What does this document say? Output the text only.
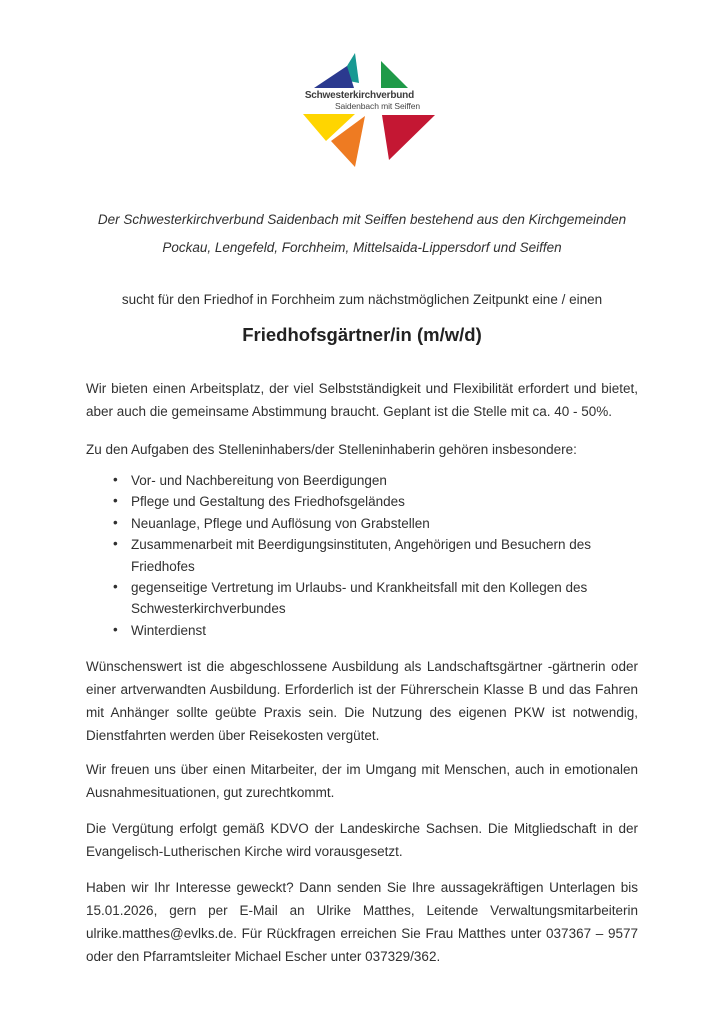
Schwesterkirchverbund
Saidenbach mit Seiffen

Der Schwesterkirchverbund Saidenbach mit Seiffen bestehend aus den Kirchgemeinden Pockau, Lengefeld, Forchheim, Mittelsaida-Lippersdorf und Seiffen

sucht für den Friedhof in Forchheim zum nächstmöglichen Zeitpunkt eine / einen

Friedhofsgärtner/in (m/w/d)

Wir bieten einen Arbeitsplatz, der viel Selbstständigkeit und Flexibilität erfordert und bietet, aber auch die gemeinsame Abstimmung braucht. Geplant ist die Stelle mit ca. 40 - 50%.

Zu den Aufgaben des Stelleninhabers/der Stelleninhaberin gehören insbesondere:

• Vor- und Nachbereitung von Beerdigungen
• Pflege und Gestaltung des Friedhofsgeländes
• Neuanlage, Pflege und Auflösung von Grabstellen
• Zusammenarbeit mit Beerdigungsinstituten, Angehörigen und Besuchern des Friedhofes
• gegenseitige Vertretung im Urlaubs- und Krankheitsfall mit den Kollegen des Schwesterkirchverbundes
• Winterdienst

Wünschenswert ist die abgeschlossene Ausbildung als Landschaftsgärtner -gärtnerin oder einer artverwandten Ausbildung. Erforderlich ist der Führerschein Klasse B und das Fahren mit Anhänger sollte geübte Praxis sein. Die Nutzung des eigenen PKW ist notwendig, Dienstfahrten werden über Reisekosten vergütet.

Wir freuen uns über einen Mitarbeiter, der im Umgang mit Menschen, auch in emotionalen Ausnahmesituationen, gut zurechtkommt.

Die Vergütung erfolgt gemäß KDVO der Landeskirche Sachsen. Die Mitgliedschaft in der Evangelisch-Lutherischen Kirche wird vorausgesetzt.

Haben wir Ihr Interesse geweckt? Dann senden Sie Ihre aussagekräftigen Unterlagen bis 15.01.2026, gern per E-Mail an Ulrike Matthes, Leitende Verwaltungsmitarbeiterin ulrike.matthes@evlks.de. Für Rückfragen erreichen Sie Frau Matthes unter 037367 – 9577 oder den Pfarramtsleiter Michael Escher unter 037329/362.
